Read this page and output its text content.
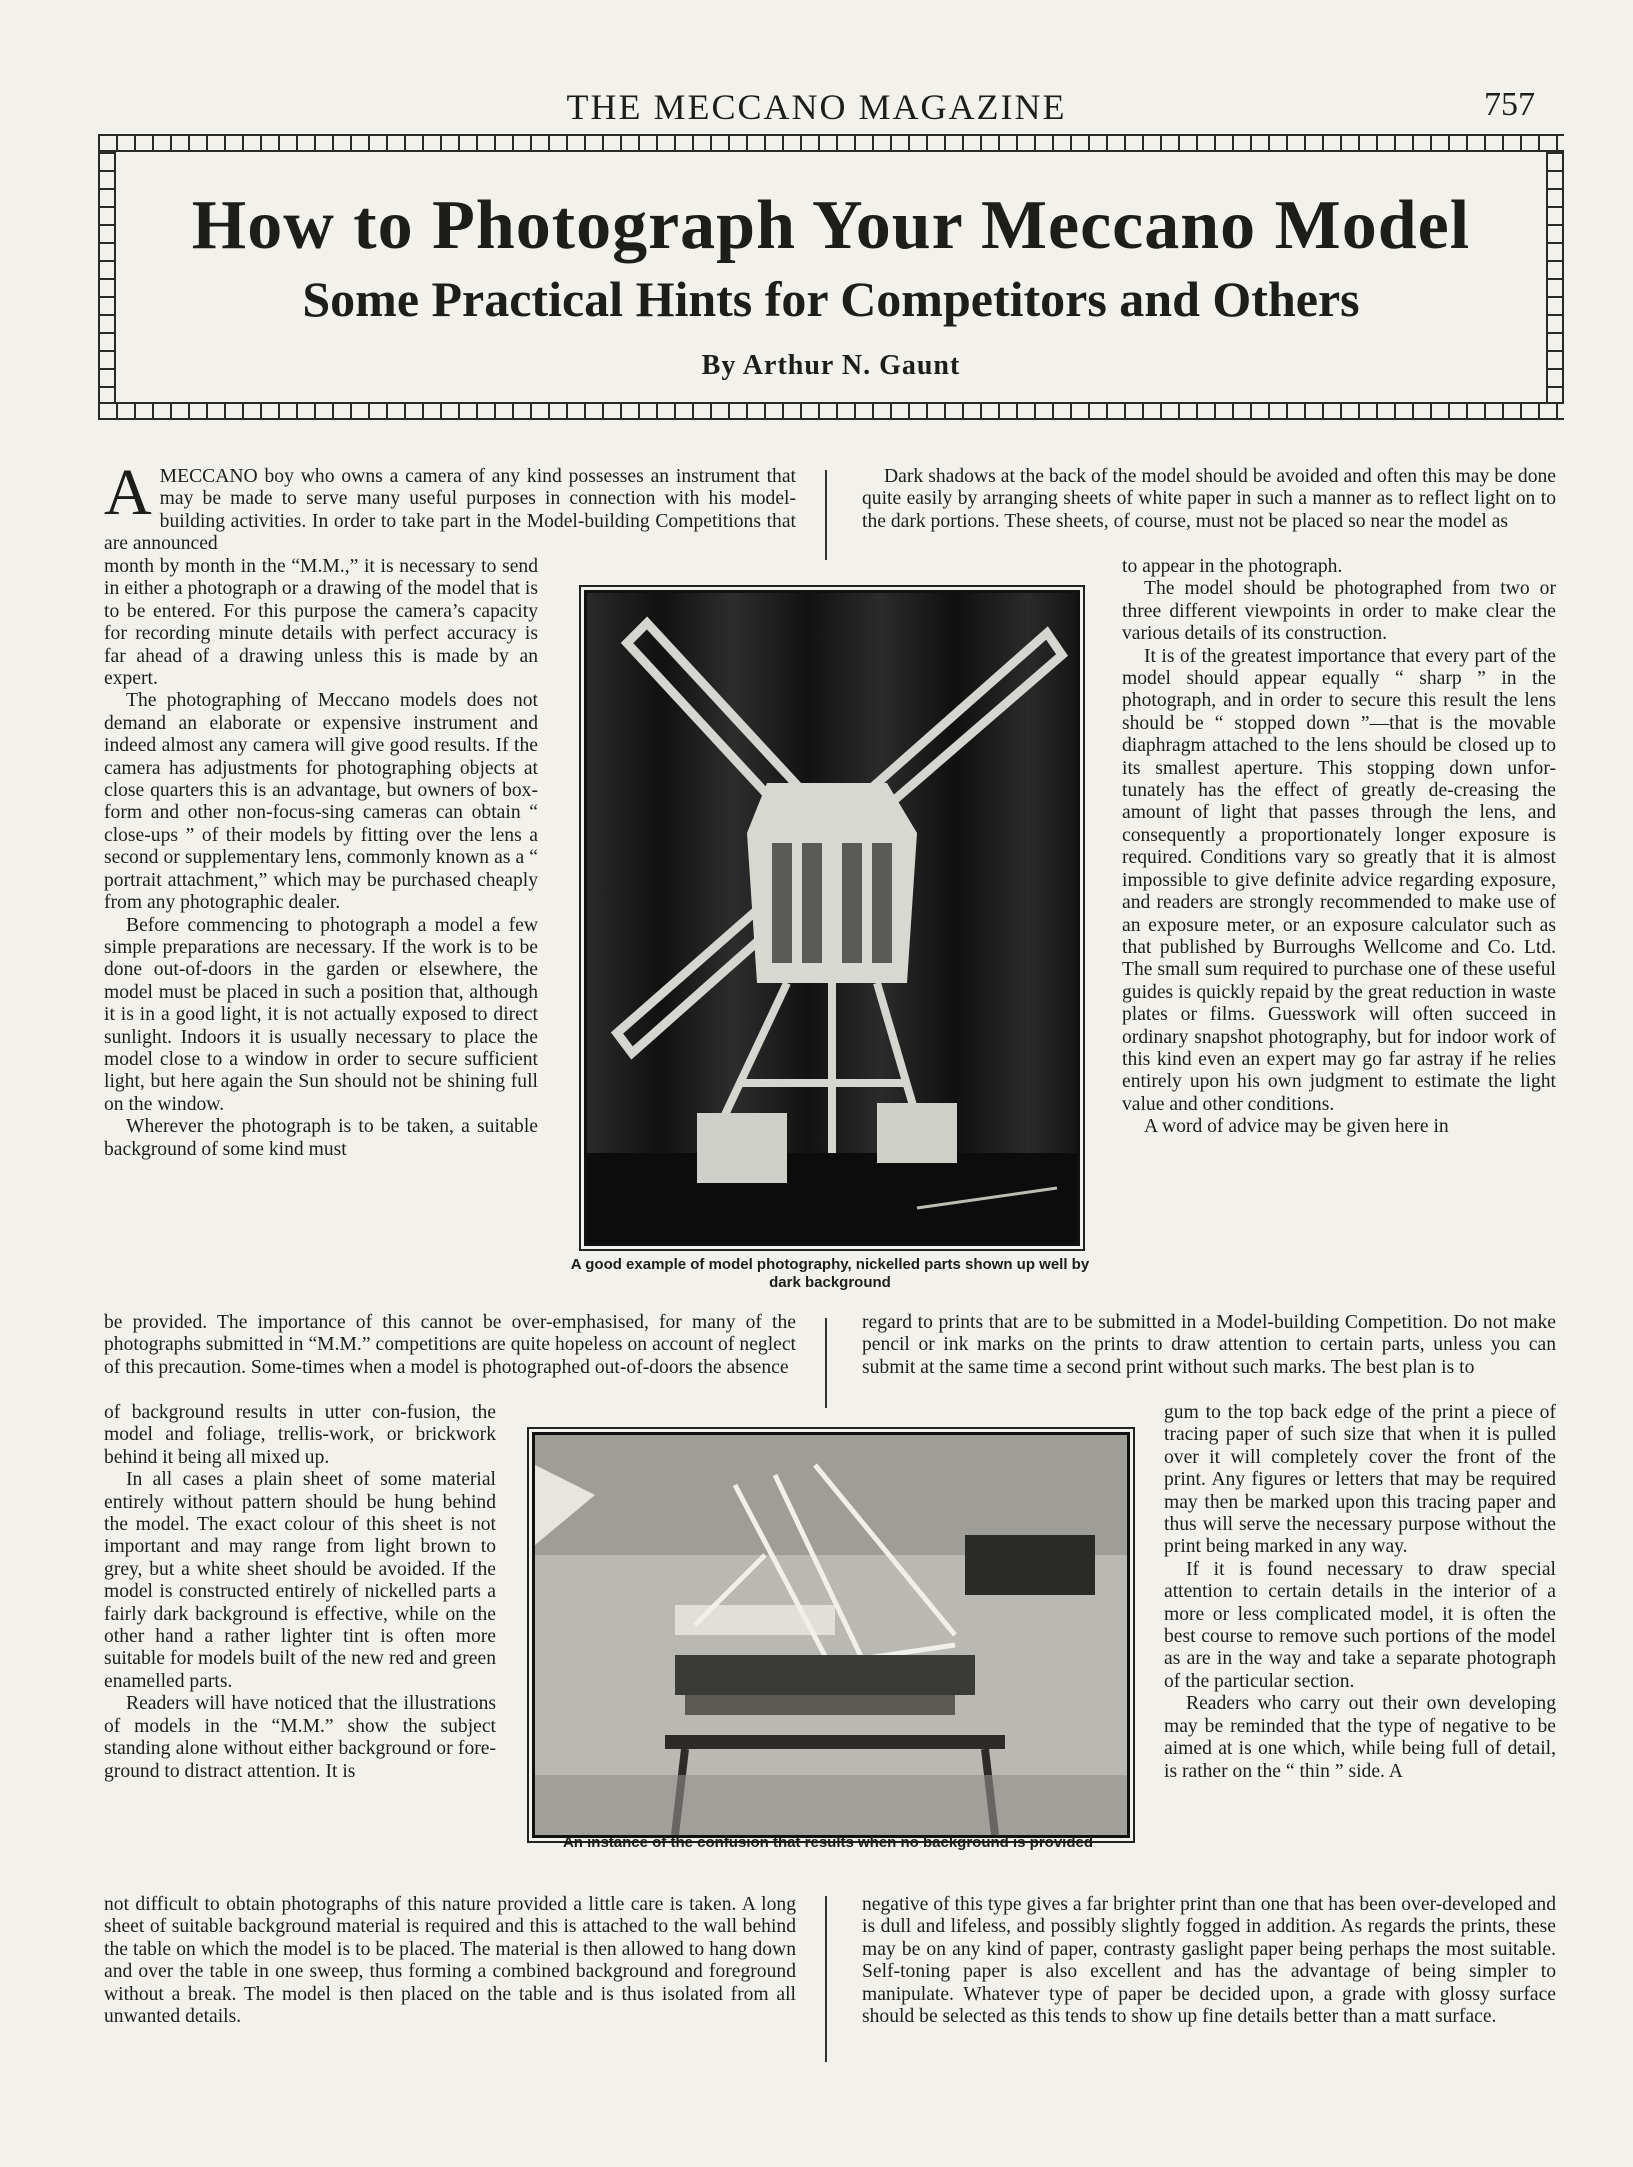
THE MECCANO MAGAZINE	757
How to Photograph Your Meccano Model
Some Practical Hints for Competitors and Others
By Arthur N. Gaunt

AMECCANO boy who owns a camera of any kind possesses an instrument that may be made to serve many useful purposes in connection with his model-building activities. In order to take part in the Model-building Competitions that are announced

month by month in the “M.M.,” it is necessary to send in either a photograph or a drawing of the model that is to be entered. For this purpose the camera’s capacity for recording minute details with perfect accuracy is far ahead of a drawing unless this is made by an expert.

The photographing of Meccano models does not demand an elaborate or expensive instrument and indeed almost any camera will give good results. If the camera has adjustments for photographing objects at close quarters this is an advantage, but owners of box-form and other non-focus-sing cameras can obtain “ close-ups ” of their models by fitting over the lens a second or supplementary lens, commonly known as a “ portrait attachment,” which may be purchased cheaply from any photographic dealer.

Before commencing to photograph a model a few simple preparations are necessary. If the work is to be done out-of-doors in the garden or elsewhere, the model must be placed in such a position that, although it is in a good light, it is not actually exposed to direct sunlight. Indoors it is usually necessary to place the model close to a window in order to secure sufficient light, but here again the Sun should not be shining full on the window.

Wherever the photograph is to be taken, a suitable background of some kind must

be provided. The importance of this cannot be over-emphasised, for many of the photographs submitted in “M.M.” competitions are quite hopeless on account of neglect of this precaution. Some-times when a model is photographed out-of-doors the absence

of background results in utter con-fusion, the model and foliage, trellis-work, or brickwork behind it being all mixed up.

In all cases a plain sheet of some material entirely without pattern should be hung behind the model. The exact colour of this sheet is not important and may range from light brown to grey, but a white sheet should be avoided. If the model is constructed entirely of nickelled parts a fairly dark background is effective, while on the other hand a rather lighter tint is often more suitable for models built of the new red and green enamelled parts.

Readers will have noticed that the illustrations of models in the “M.M.” show the subject standing alone without either background or fore-ground to distract attention. It is

not difficult to obtain photographs of this nature provided a little care is taken. A long sheet of suitable background material is required and this is attached to the wall behind the table on which the model is to be placed. The material is then allowed to hang down and over the table in one sweep, thus forming a combined background and foreground without a break. The model is then placed on the table and is thus isolated from all unwanted details.

Dark shadows at the back of the model should be avoided and often this may be done quite easily by arranging sheets of white paper in such a manner as to reflect light on to the dark portions. These sheets, of course, must not be placed so near the model as

to appear in the photograph.

The model should be photographed from two or three different viewpoints in order to make clear the various details of its construction.

It is of the greatest importance that every part of the model should appear equally “ sharp ” in the photograph, and in order to secure this result the lens should be “ stopped down ”—that is the movable diaphragm attached to the lens should be closed up to its smallest aperture. This stopping down unfor-tunately has the effect of greatly de-creasing the amount of light that passes through the lens, and consequently a proportionately longer exposure is required. Conditions vary so greatly that it is almost impossible to give definite advice regarding exposure, and readers are strongly recommended to make use of an exposure meter, or an exposure calculator such as that published by Burroughs Wellcome and Co. Ltd. The small sum required to purchase one of these useful guides is quickly repaid by the great reduction in waste plates or films. Guesswork will often succeed in ordinary snapshot photography, but for indoor work of this kind even an expert may go far astray if he relies entirely upon his own judgment to estimate the light value and other conditions.

A word of advice may be given here in

regard to prints that are to be submitted in a Model-building Competition. Do not make pencil or ink marks on the prints to draw attention to certain parts, unless you can submit at the same time a second print without such marks. The best plan is to

gum to the top back edge of the print a piece of tracing paper of such size that when it is pulled over it will completely cover the front of the print. Any figures or letters that may be required may then be marked upon this tracing paper and thus will serve the necessary purpose without the print being marked in any way.

If it is found necessary to draw special attention to certain details in the interior of a more or less complicated model, it is often the best course to remove such portions of the model as are in the way and take a separate photograph of the particular section.

Readers who carry out their own developing may be reminded that the type of negative to be aimed at is one which, while being full of detail, is rather on the “ thin ” side. A

negative of this type gives a far brighter print than one that has been over-developed and is dull and lifeless, and possibly slightly fogged in addition. As regards the prints, these may be on any kind of paper, contrasty gaslight paper being perhaps the most suitable. Self-toning paper is also excellent and has the advantage of being simpler to manipulate. Whatever type of paper be decided upon, a grade with glossy surface should be selected as this tends to show up fine details better than a matt surface.

A good example of model photography, nickelled parts shown up well by dark background
An instance of the confusion that results when no background is provided
